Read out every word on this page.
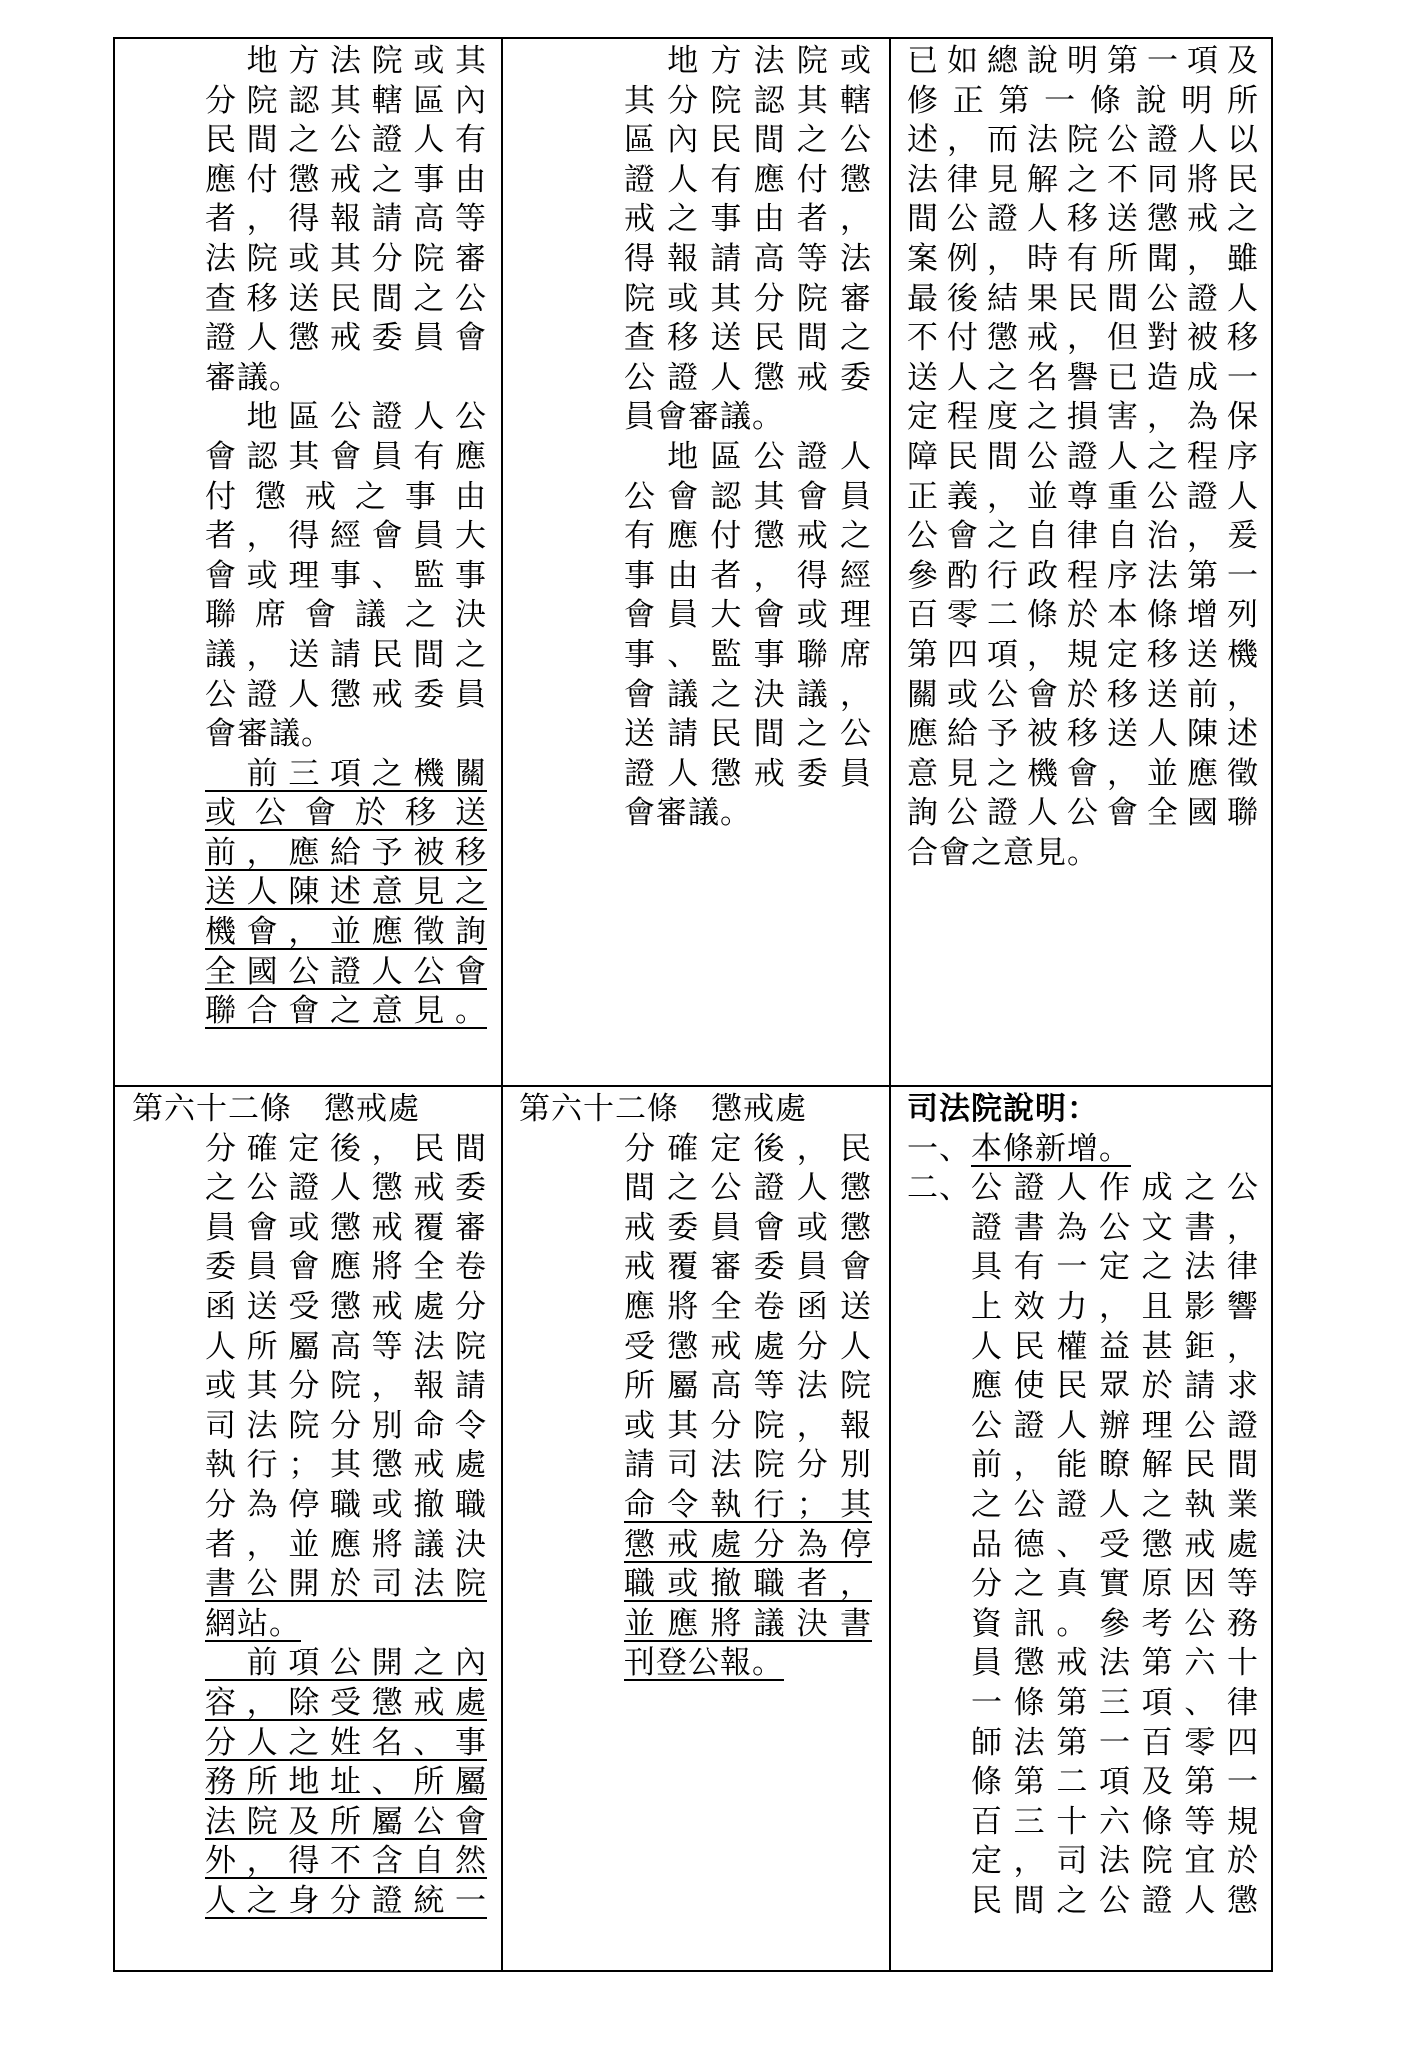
　地方法院或其

分院認其轄區內

民間之公證人有

應付懲戒之事由

者，得報請高等

法院或其分院審

查移送民間之公

證人懲戒委員會

審議。

　地區公證人公

會認其會員有應

付懲戒之事由

者，得經會員大

會或理事、監事

聯席會議之決

議，送請民間之

公證人懲戒委員

會審議。

　前三項之機關

或公會於移送

前，應給予被移

送人陳述意見之

機會，並應徵詢

全國公證人公會

聯合會之意見。

　地方法院或

其分院認其轄

區內民間之公

證人有應付懲

戒之事由者，

得報請高等法

院或其分院審

查移送民間之

公證人懲戒委

員會審議。

　地區公證人

公會認其會員

有應付懲戒之

事由者，得經

會員大會或理

事、監事聯席

會議之決議，

送請民間之公

證人懲戒委員

會審議。

已如總說明第一項及

修正第一條說明所

述，而法院公證人以

法律見解之不同將民

間公證人移送懲戒之

案例，時有所聞，雖

最後結果民間公證人

不付懲戒，但對被移

送人之名譽已造成一

定程度之損害，為保

障民間公證人之程序

正義，並尊重公證人

公會之自律自治，爰

參酌行政程序法第一

百零二條於本條增列

第四項，規定移送機

關或公會於移送前，

應給予被移送人陳述

意見之機會，並應徵

詢公證人公會全國聯

合會之意見。

第六十二條　懲戒處

分確定後，民間

之公證人懲戒委

員會或懲戒覆審

委員會應將全卷

函送受懲戒處分

人所屬高等法院

或其分院，報請

司法院分別命令

執行；其懲戒處

分為停職或撤職

者，並應將議決

書公開於司法院

網站。

　前項公開之內

容，除受懲戒處

分人之姓名、事

務所地址、所屬

法院及所屬公會

外，得不含自然

人之身分證統一

第六十二條　懲戒處

分確定後，民

間之公證人懲

戒委員會或懲

戒覆審委員會

應將全卷函送

受懲戒處分人

所屬高等法院

或其分院，報

請司法院分別

命令執行；其

懲戒處分為停

職或撤職者，

並應將議決書

刊登公報。

司法院說明：

一、本條新增。

二、 公證人作成之公

證書為公文書，

具有一定之法律

上效力，且影響

人民權益甚鉅，

應使民眾於請求

公證人辦理公證

前，能瞭解民間

之公證人之執業

品德、受懲戒處

分之真實原因等

資訊。參考公務

員懲戒法第六十

一條第三項、律

師法第一百零四

條第二項及第一

百三十六條等規

定，司法院宜於

民間之公證人懲
